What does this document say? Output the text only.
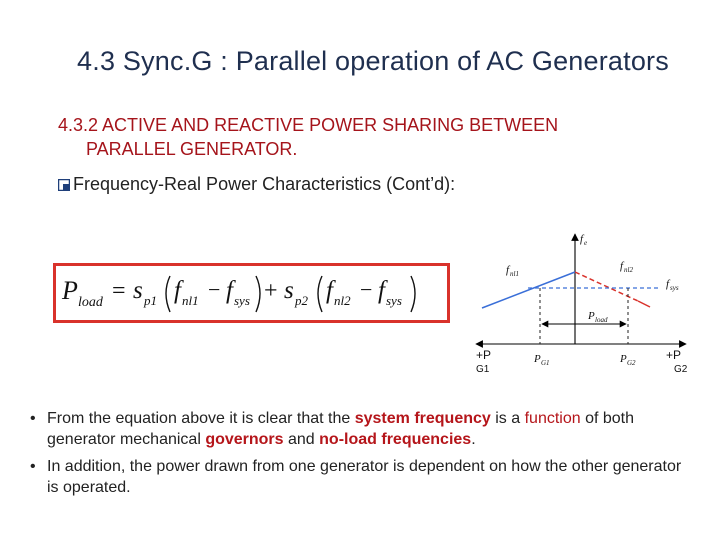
4.3 Sync.G : Parallel operation of AC Generators
4.3.2 ACTIVE AND REACTIVE POWER SHARING BETWEEN
PARALLEL GENERATOR.
Frequency-Real Power Characteristics (Cont’d):
P load = s p1 f nl1 − f sys + s p2 f nl2 − f sys
f e
f nl1
f nl2
f sys
P load
P G1	P G2
+P
G1
+P
G2
• From the equation above it is clear that the system frequency is a function of both generator mechanical governors and no-load frequencies.
• In addition, the power drawn from one generator is dependent on how the other generator is operated.
